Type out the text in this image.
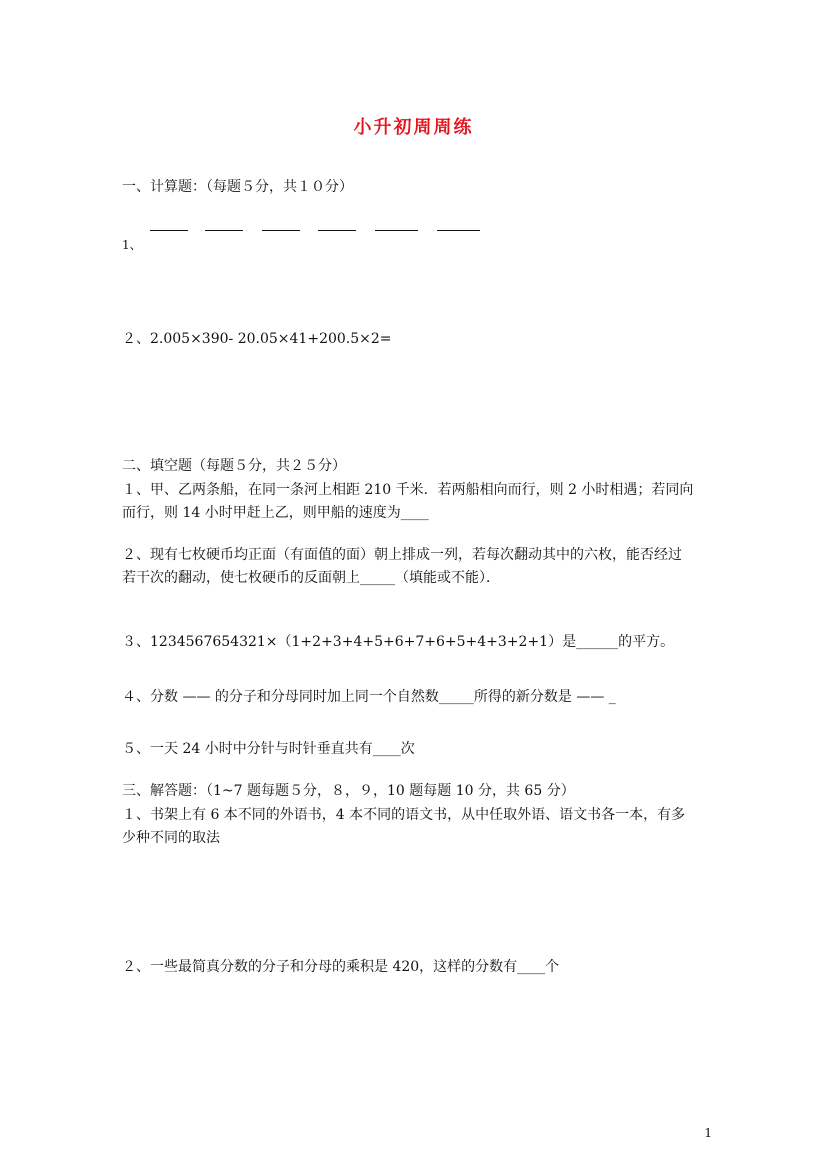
小升初周周练
一、计算题：（每题５分，共１０分）
1、
２、2.005×390- 20.05×41+200.5×2=
二、填空题（每题５分，共２５分）
１、甲、乙两条船，在同一条河上相距 210 千米．若两船相向而行，则 2 小时相遇；若同向
而行，则 14 小时甲赶上乙，则甲船的速度为____
２、现有七枚硬币均正面（有面值的面）朝上排成一列，若每次翻动其中的六枚，能否经过
若干次的翻动，使七枚硬币的反面朝上_____（填能或不能）．
３、1234567654321×（1+2+3+4+5+6+7+6+5+4+3+2+1）是______的平方。
４、分数 —— 的分子和分母同时加上同一个自然数_____所得的新分数是 —— _
５、一天 24 小时中分针与时针垂直共有____次
三、解答题：（1~7 题每题５分，８，９，10 题每题 10 分，共 65 分）
１、书架上有 6 本不同的外语书，4 本不同的语文书，从中任取外语、语文书各一本，有多
少种不同的取法
２、一些最简真分数的分子和分母的乘积是 420，这样的分数有____个
1
